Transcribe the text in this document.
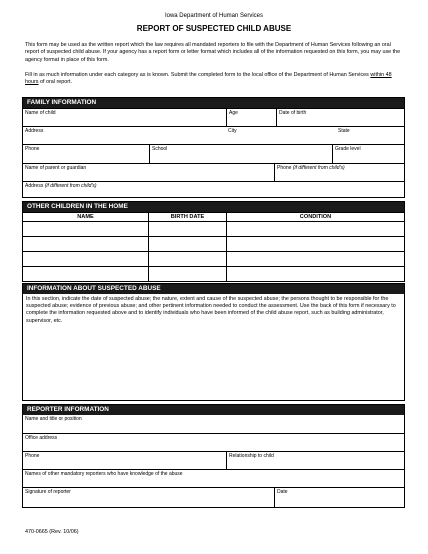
Iowa Department of Human Services
REPORT OF SUSPECTED CHILD ABUSE
This form may be used as the written report which the law requires all mandated reporters to file with the Department of Human Services following an oral report of suspected child abuse. If your agency has a report form or letter format which includes all of the information requested on this form, you may use the agency format in place of this form.
Fill in as much information under each category as is known. Submit the completed form to the local office of the Department of Human Services within 48 hours of oral report.
FAMILY INFORMATION
Name of child	Age	Date of birth
Address	City	State
Phone	School	Grade level
Name of parent or guardian	Phone (if different from child's)
Address (if different from child's)
OTHER CHILDREN IN THE HOME
NAME	BIRTH DATE	CONDITION
INFORMATION ABOUT SUSPECTED ABUSE
In this section, indicate the date of suspected abuse; the nature, extent and cause of the suspected abuse; the persons thought to be responsible for the suspected abuse; evidence of previous abuse; and other pertinent information needed to conduct the assessment. Use the back of this form if necessary to complete the information requested above and to identify individuals who have been informed of the child abuse report, such as building administrator, supervisor, etc.
REPORTER INFORMATION
Name and title or position
Office address
Phone	Relationship to child
Names of other mandatory reporters who have knowledge of the abuse
Signature of reporter	Date
470-0665 (Rev. 10/06)
